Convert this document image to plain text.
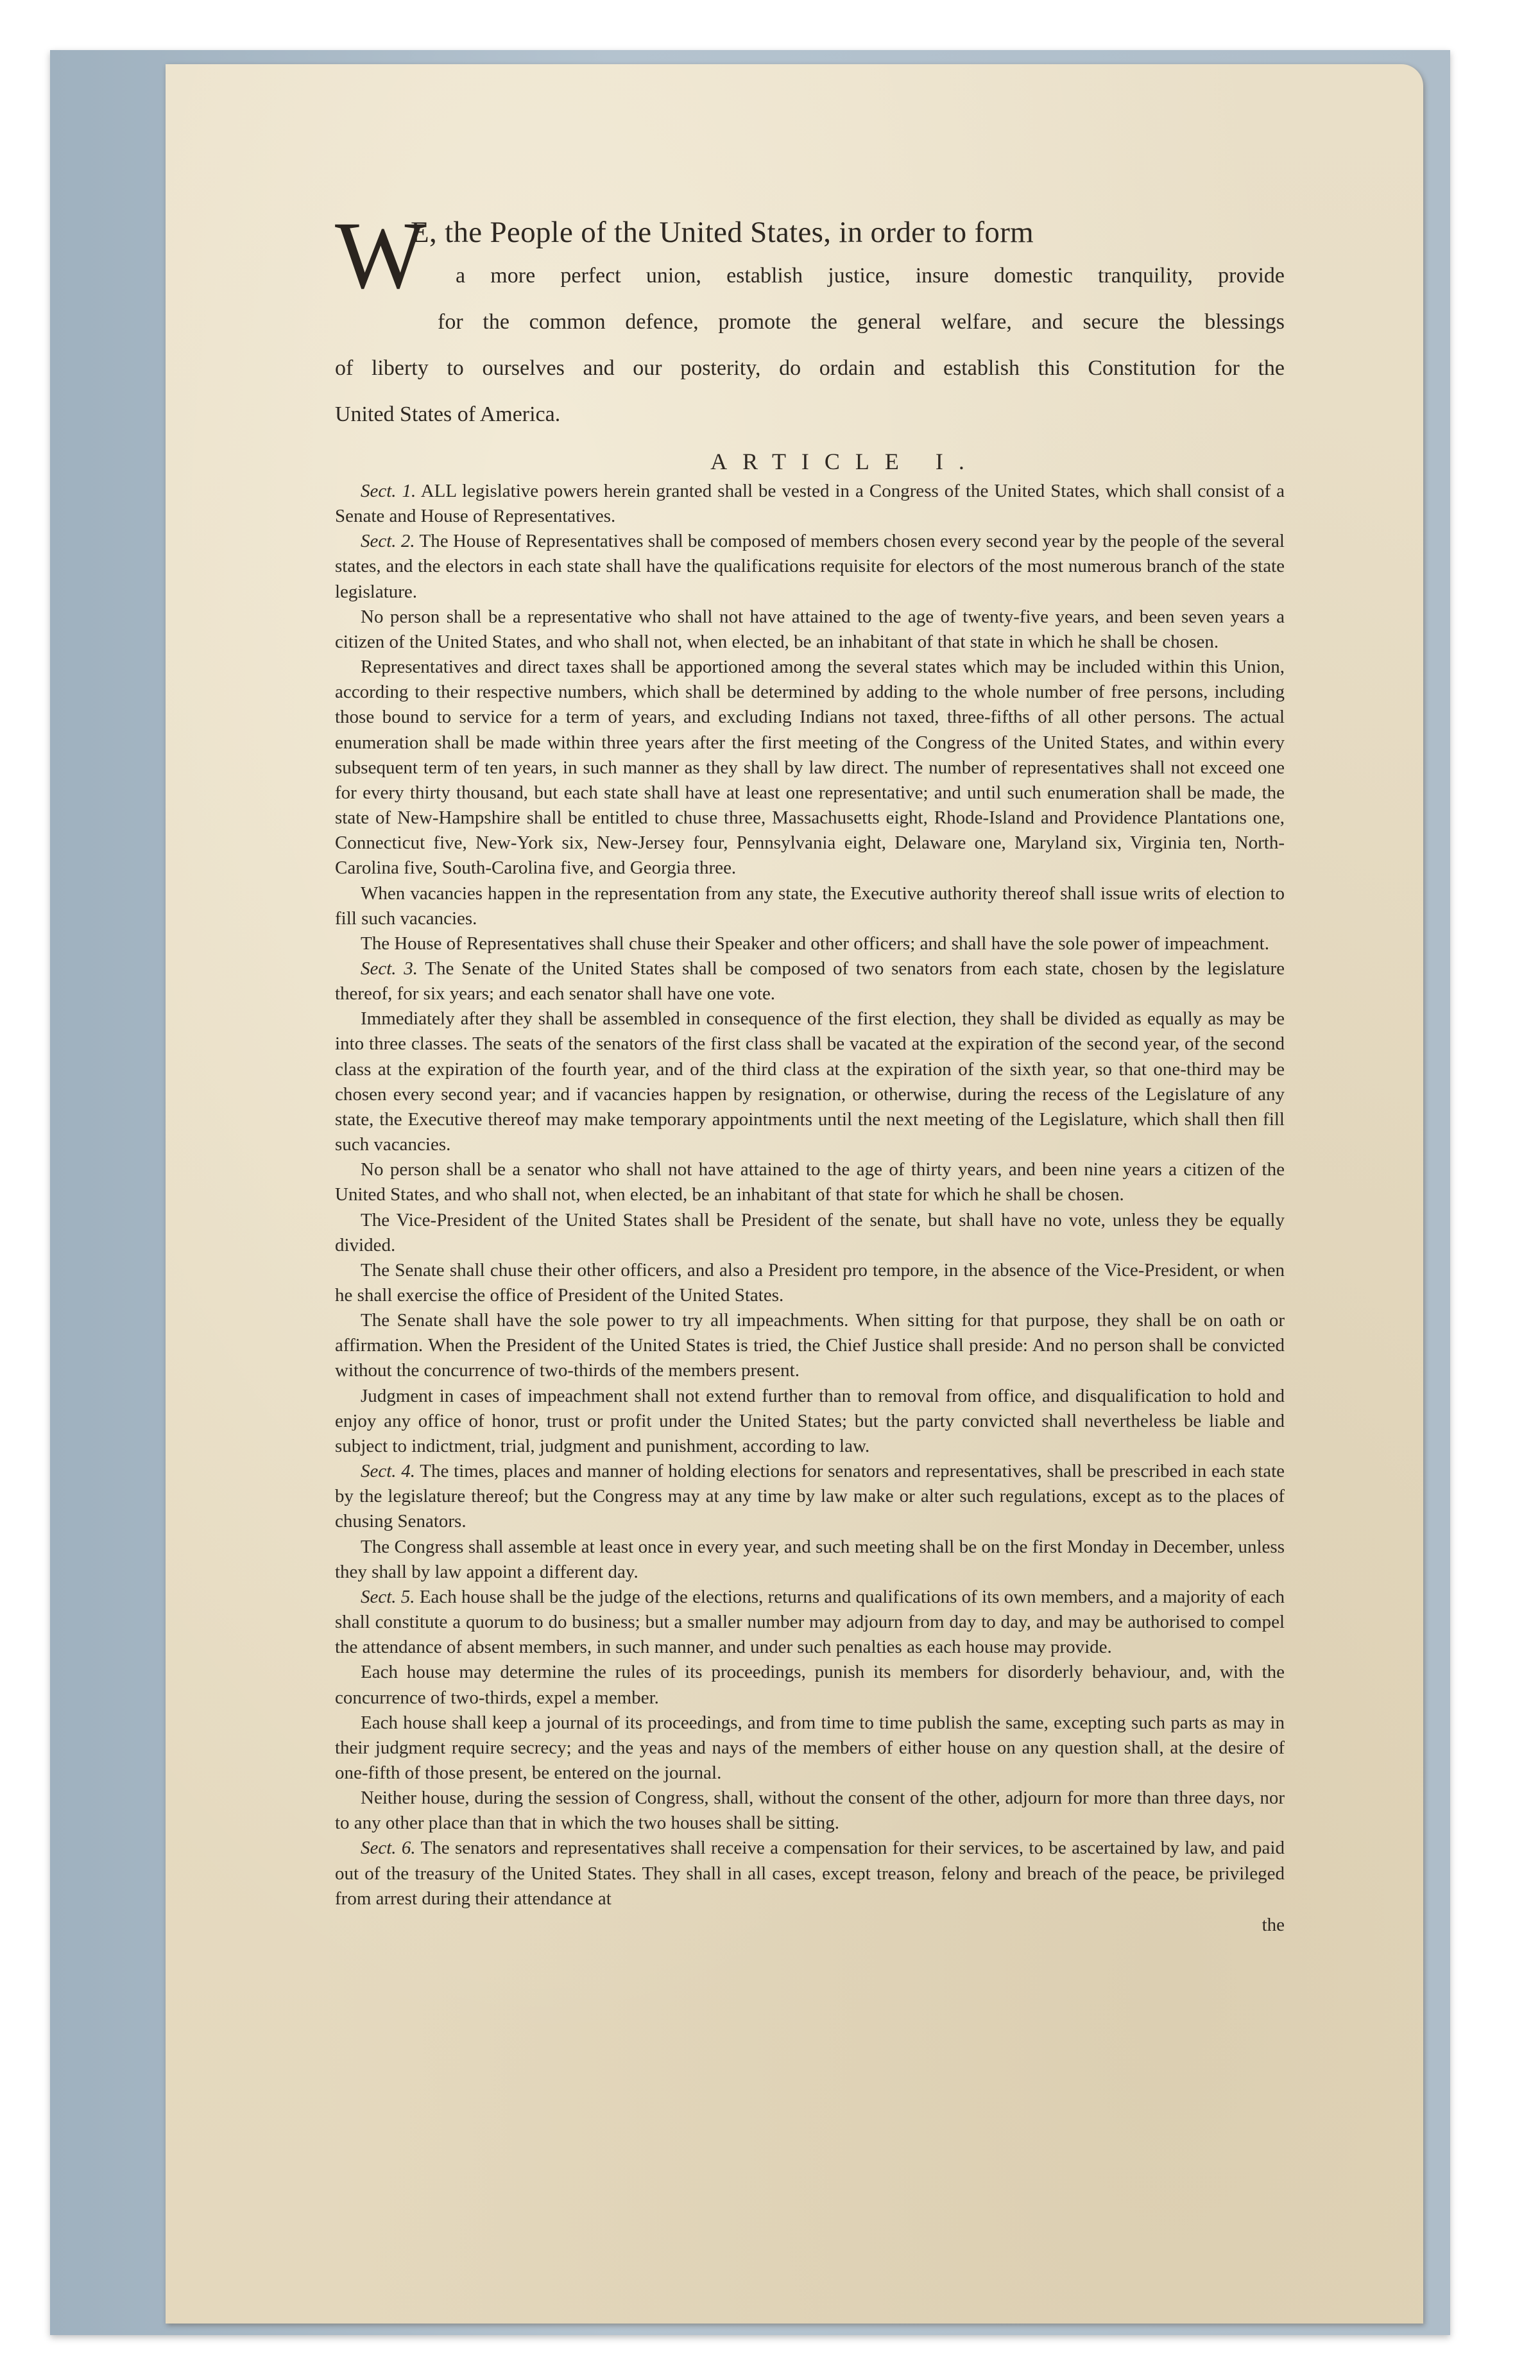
W
E, the People of the United States, in order to form
a more perfect union, establish justice, insure domestic tranquility, provide
for the common defence, promote the general welfare, and secure the blessings
of liberty to ourselves and our posterity, do ordain and establish this Constitution for the
United States of America.
ARTICLE I.

Sect. 1. ALL legislative powers herein granted shall be vested in a Congress of the United States, which shall consist of a Senate and House of Representatives.

Sect. 2. The House of Representatives shall be composed of members chosen every second year by the people of the several states, and the electors in each state shall have the qualifications requisite for electors of the most numerous branch of the state legislature.

No person shall be a representative who shall not have attained to the age of twenty-five years, and been seven years a citizen of the United States, and who shall not, when elected, be an inhabitant of that state in which he shall be chosen.

Representatives and direct taxes shall be apportioned among the several states which may be included within this Union, according to their respective numbers, which shall be determined by adding to the whole number of free persons, including those bound to service for a term of years, and excluding Indians not taxed, three-fifths of all other persons. The actual enumeration shall be made within three years after the first meeting of the Congress of the United States, and within every subsequent term of ten years, in such manner as they shall by law direct. The number of representatives shall not exceed one for every thirty thousand, but each state shall have at least one representative; and until such enumeration shall be made, the state of New-Hampshire shall be entitled to chuse three, Massachusetts eight, Rhode-Island and Providence Plantations one, Connecticut five, New-York six, New-Jersey four, Pennsylvania eight, Delaware one, Maryland six, Virginia ten, North-Carolina five, South-Carolina five, and Georgia three.

When vacancies happen in the representation from any state, the Executive authority thereof shall issue writs of election to fill such vacancies.

The House of Representatives shall chuse their Speaker and other officers; and shall have the sole power of impeachment.

Sect. 3. The Senate of the United States shall be composed of two senators from each state, chosen by the legislature thereof, for six years; and each senator shall have one vote.

Immediately after they shall be assembled in consequence of the first election, they shall be divided as equally as may be into three classes. The seats of the senators of the first class shall be vacated at the expiration of the second year, of the second class at the expiration of the fourth year, and of the third class at the expiration of the sixth year, so that one-third may be chosen every second year; and if vacancies happen by resignation, or otherwise, during the recess of the Legislature of any state, the Executive thereof may make temporary appointments until the next meeting of the Legislature, which shall then fill such vacancies.

No person shall be a senator who shall not have attained to the age of thirty years, and been nine years a citizen of the United States, and who shall not, when elected, be an inhabitant of that state for which he shall be chosen.

The Vice-President of the United States shall be President of the senate, but shall have no vote, unless they be equally divided.

The Senate shall chuse their other officers, and also a President pro tempore, in the absence of the Vice-President, or when he shall exercise the office of President of the United States.

The Senate shall have the sole power to try all impeachments. When sitting for that purpose, they shall be on oath or affirmation. When the President of the United States is tried, the Chief Justice shall preside: And no person shall be convicted without the concurrence of two-thirds of the members present.

Judgment in cases of impeachment shall not extend further than to removal from office, and disqualification to hold and enjoy any office of honor, trust or profit under the United States; but the party convicted shall nevertheless be liable and subject to indictment, trial, judgment and punishment, according to law.

Sect. 4. The times, places and manner of holding elections for senators and representatives, shall be prescribed in each state by the legislature thereof; but the Congress may at any time by law make or alter such regulations, except as to the places of chusing Senators.

The Congress shall assemble at least once in every year, and such meeting shall be on the first Monday in December, unless they shall by law appoint a different day.

Sect. 5. Each house shall be the judge of the elections, returns and qualifications of its own members, and a majority of each shall constitute a quorum to do business; but a smaller number may adjourn from day to day, and may be authorised to compel the attendance of absent members, in such manner, and under such penalties as each house may provide.

Each house may determine the rules of its proceedings, punish its members for disorderly behaviour, and, with the concurrence of two-thirds, expel a member.

Each house shall keep a journal of its proceedings, and from time to time publish the same, excepting such parts as may in their judgment require secrecy; and the yeas and nays of the members of either house on any question shall, at the desire of one-fifth of those present, be entered on the journal.

Neither house, during the session of Congress, shall, without the consent of the other, adjourn for more than three days, nor to any other place than that in which the two houses shall be sitting.

Sect. 6. The senators and representatives shall receive a compensation for their services, to be ascertained by law, and paid out of the treasury of the United States. They shall in all cases, except treason, felony and breach of the peace, be privileged from arrest during their attendance at

the
